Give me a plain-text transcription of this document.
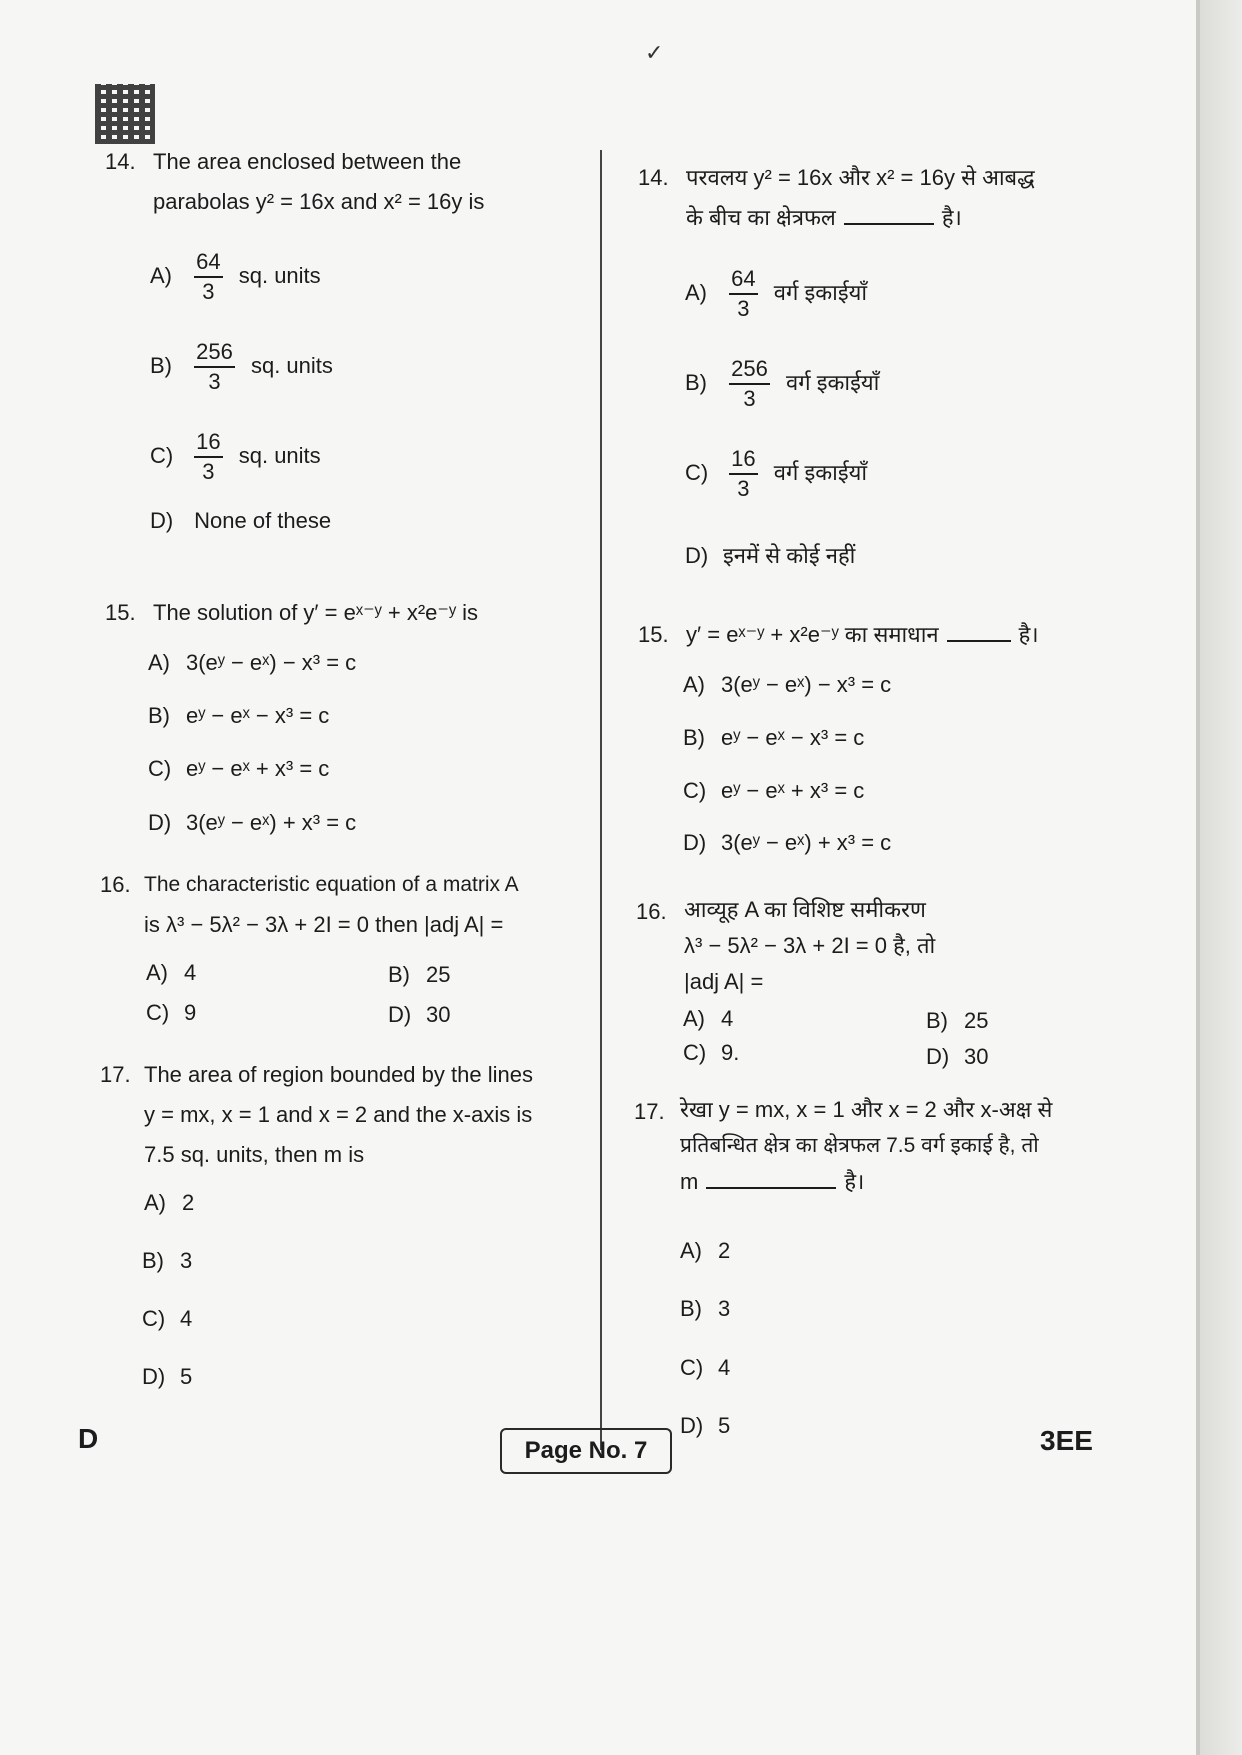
✓
14. The area enclosed between the
parabolas y² = 16x and x² = 16y is
$A) \frac{64}{3}$ sq. units
$B) \frac{256}{3}$ sq. units
$C) \frac{16}{3}$ sq. units
D) None of these
15. The solution of y′ = eˣ⁻ʸ + x²e⁻ʸ is
A) 3(eʸ − eˣ) − x³ = c
B) eʸ − eˣ − x³ = c
C) eʸ − eˣ + x³ = c
D) 3(eʸ − eˣ) + x³ = c
16. The characteristic equation of a matrix A
is λ³ − 5λ² − 3λ + 2I = 0 then |adj A| =
A) 4	B) 25
C) 9	D) 30
17. The area of region bounded by the lines
y = mx, x = 1 and x = 2 and the x-axis is
7.5 sq. units, then m is
A) 2
B) 3
C) 4
D) 5
14. परवलय y² = 16x और x² = 16y से आबद्ध
के बीच का क्षेत्रफल	है।
$A) \frac{64}{3}$ वर्ग इकाईयाँ
$B) \frac{256}{3}$ वर्ग इकाईयाँ
$C) \frac{16}{3}$ वर्ग इकाईयाँ
D) इनमें से कोई नहीं
15. y′ = eˣ⁻ʸ + x²e⁻ʸ का समाधान	है।
A) 3(eʸ − eˣ) − x³ = c
B) eʸ − eˣ − x³ = c
C) eʸ − eˣ + x³ = c
D) 3(eʸ − eˣ) + x³ = c
16. आव्यूह A का विशिष्ट समीकरण
λ³ − 5λ² − 3λ + 2I = 0 है, तो
|adj A| =
A) 4	B) 25
C) 9.	D) 30
17. रेखा y = mx, x = 1 और x = 2 और x-अक्ष से
प्रतिबन्धित क्षेत्र का क्षेत्रफल 7.5 वर्ग इकाई है, तो
m	है।
A) 2
B) 3
C) 4
D) 5
D	Page No. 7	3EE
